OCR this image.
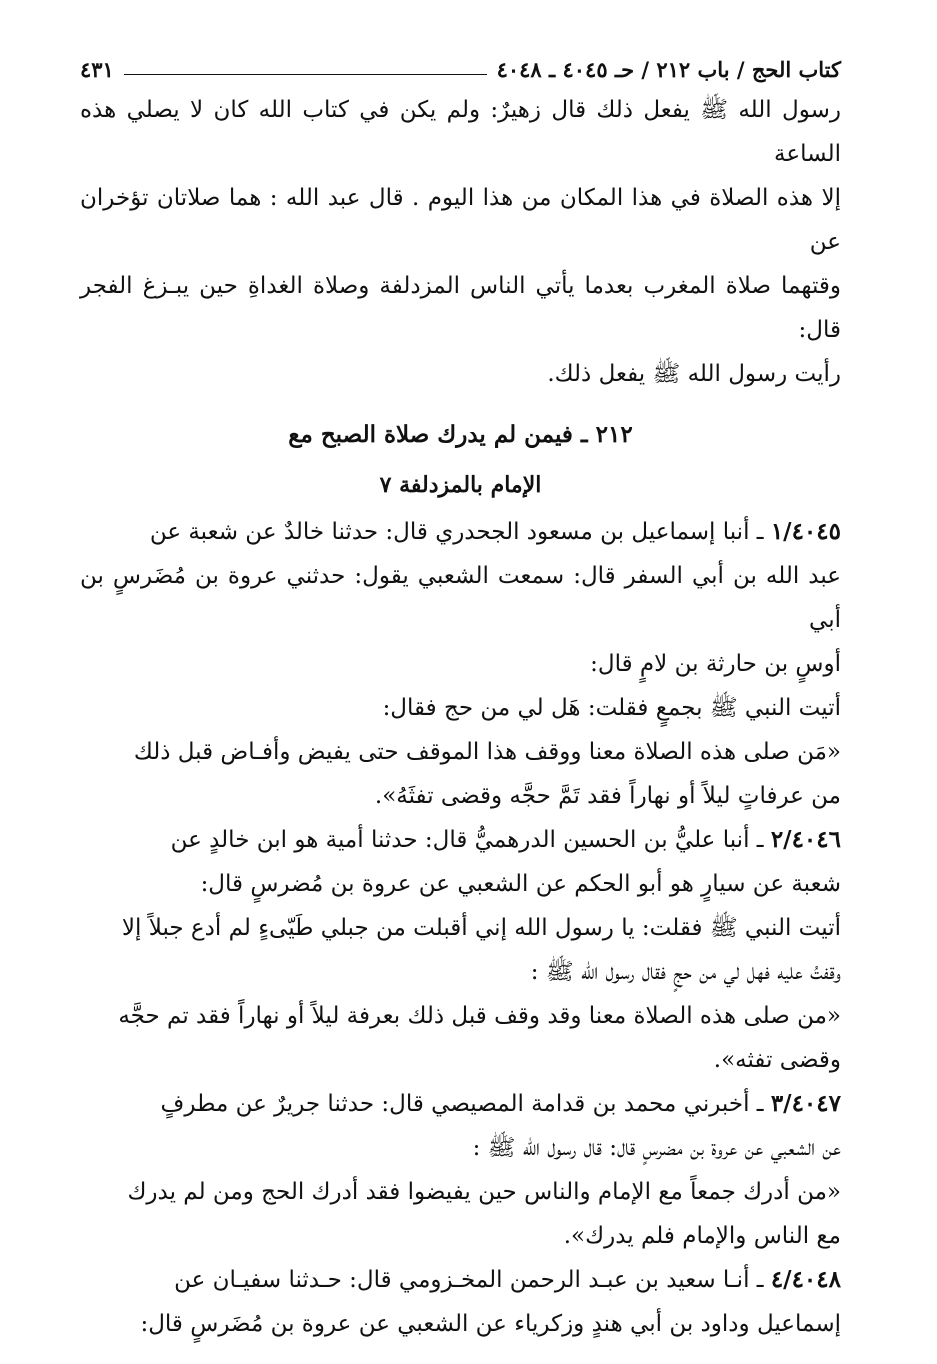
كتاب الحج / باب ٢١٢ / حـ ٤٠٤٥ ـ ٤٠٤٨
٤٣١
رسول الله ﷺ يفعل ذلك قال زهيرٌ: ولم يكن في كتاب الله كان لا يصلي هذه الساعة
إلا هذه الصلاة في هذا المكان من هذا اليوم . قال عبد الله : هما صلاتان تؤخران عن
وقتهما صلاة المغرب بعدما يأتي الناس المزدلفة وصلاة الغداةِ حين يبـزغ الفجر قال:
رأيت رسول الله ﷺ يفعل ذلك.
٢١٢ ـ فيمن لم يدرك صلاة الصبح مع
الإمام بالمزدلفة ٧
١/٤٠٤٥ ـ أنبا إسماعيل بن مسعود الجحدري قال: حدثنا خالدٌ عن شعبة عن
عبد الله بن أبي السفر قال: سمعت الشعبي يقول: حدثني عروة بن مُضَرسٍ بن أبي
أوسٍ بن حارثة بن لامٍ قال:
أتيت النبي ﷺ بجمعٍ فقلت: هَل لي من حج فقال:
«مَن صلى هذه الصلاة معنا ووقف هذا الموقف حتى يفيض وأفـاض قبل ذلك
من عرفاتٍ ليلاً أو نهاراً فقد تَمَّ حجَّه وقضى تفثَهُ».
٢/٤٠٤٦ ـ أنبا عليُّ بن الحسين الدرهميُّ قال: حدثنا أمية هو ابن خالدٍ عن
شعبة عن سيارٍ هو أبو الحكم عن الشعبي عن عروة بن مُضرسٍ قال:
أتيت النبي ﷺ فقلت: يا رسول الله إني أقبلت من جبلي طَيّىءٍ لم أدع جبلاً إلا
وقفتُ عليه فهل لي من حجٍ فقال رسول الله ﷺ :
«من صلى هذه الصلاة معنا وقد وقف قبل ذلك بعرفة ليلاً أو نهاراً فقد تم حجَّه
وقضى تفثه».
٣/٤٠٤٧ ـ أخبرني محمد بن قدامة المصيصي قال: حدثنا جريرٌ عن مطرفٍ
عن الشعبي عن عروة بن مضرسٍ قال: قال رسول الله ﷺ :
«من أدرك جمعاً مع الإمام والناس حين يفيضوا فقد أدرك الحج ومن لم يدرك
مع الناس والإمام فلم يدرك».
٤/٤٠٤٨ ـ أنـا سعيد بن عبـد الرحمن المخـزومي قال: حـدثنا سفيـان عن
إسماعيل وداود بن أبي هندٍ وزكرياء عن الشعبي عن عروة بن مُضَرسٍ قال:
